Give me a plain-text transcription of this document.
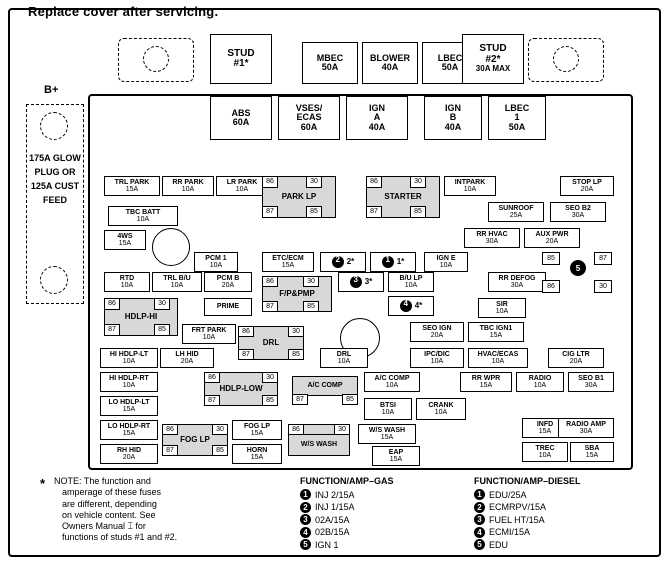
Replace cover after servicing.
B+
175A GLOW PLUG OR 125A CUST FEED
STUD
#1*
MBEC
50A
BLOWER
40A
LBEC
50A
STUD
#2*
30A MAX
ABS
60A
VSES/
ECAS
60A
IGN
A
40A
IGN
B
40A
LBEC
1
50A
TRL PARK
15A
RR PARK
10A
LR PARK
10A
PARK LP
86	30
87	85
STARTER
86	30
87	85
INTPARK
10A
STOP LP
20A
TBC BATT
10A
SUNROOF
25A
SEO B2
30A
4WS
15A
PCM 1
10A
ETC/ECM
15A
2 2*	1 1*	IGN E
10A
RR HVAC
30A
AUX PWR
20A
RTD
10A
TRL B/U
10A
PCM B
20A
F/P&PMP
86	30
87	85
3 3*	B/U LP
10A
RR DEFOG
30A
85	87
5
86	30
PRIME	4 4*
HDLP-HI
86	30
87	85
SIR
10A
FRT PARK
10A
DRL
86	30
87	85
SEO IGN
20A
TBC IGN1
15A
HI HDLP-LT
10A
LH HID
20A
DRL
10A
IPC/DIC
10A
HVAC/ECAS
10A
CIG LTR
20A
HI HDLP-RT
10A	HDLP-LOW
86	30
87	85
A/C COMP
87	85
A/C COMP
10A
RR WPR
15A
RADIO
10A
SEO B1
30A
LO HDLP-LT
15A
BTSI
10A
CRANK
10A
LO HDLP-RT
15A
FOG LP
86	30
87	85
FOG LP
15A
86	30
W/S WASH
RH HID
20A
HORN
15A
W/S WASH
15A
EAP
15A
INFD
15A
RADIO AMP
30A
TREC
10A
SBA
15A
* NOTE: The function and
amperage of these fuses
are different, depending
on vehicle content. See
Owners Manual ⌶ for
functions of studs #1 and #2.
FUNCTION/AMP–GAS
1 INJ 2/15A
2 INJ 1/15A
3 02A/15A
4 02B/15A
5 IGN 1
FUNCTION/AMP–DIESEL
1 EDU/25A
2 ECMRPV/15A
3 FUEL HT/15A
4 ECMI/15A
5 EDU
